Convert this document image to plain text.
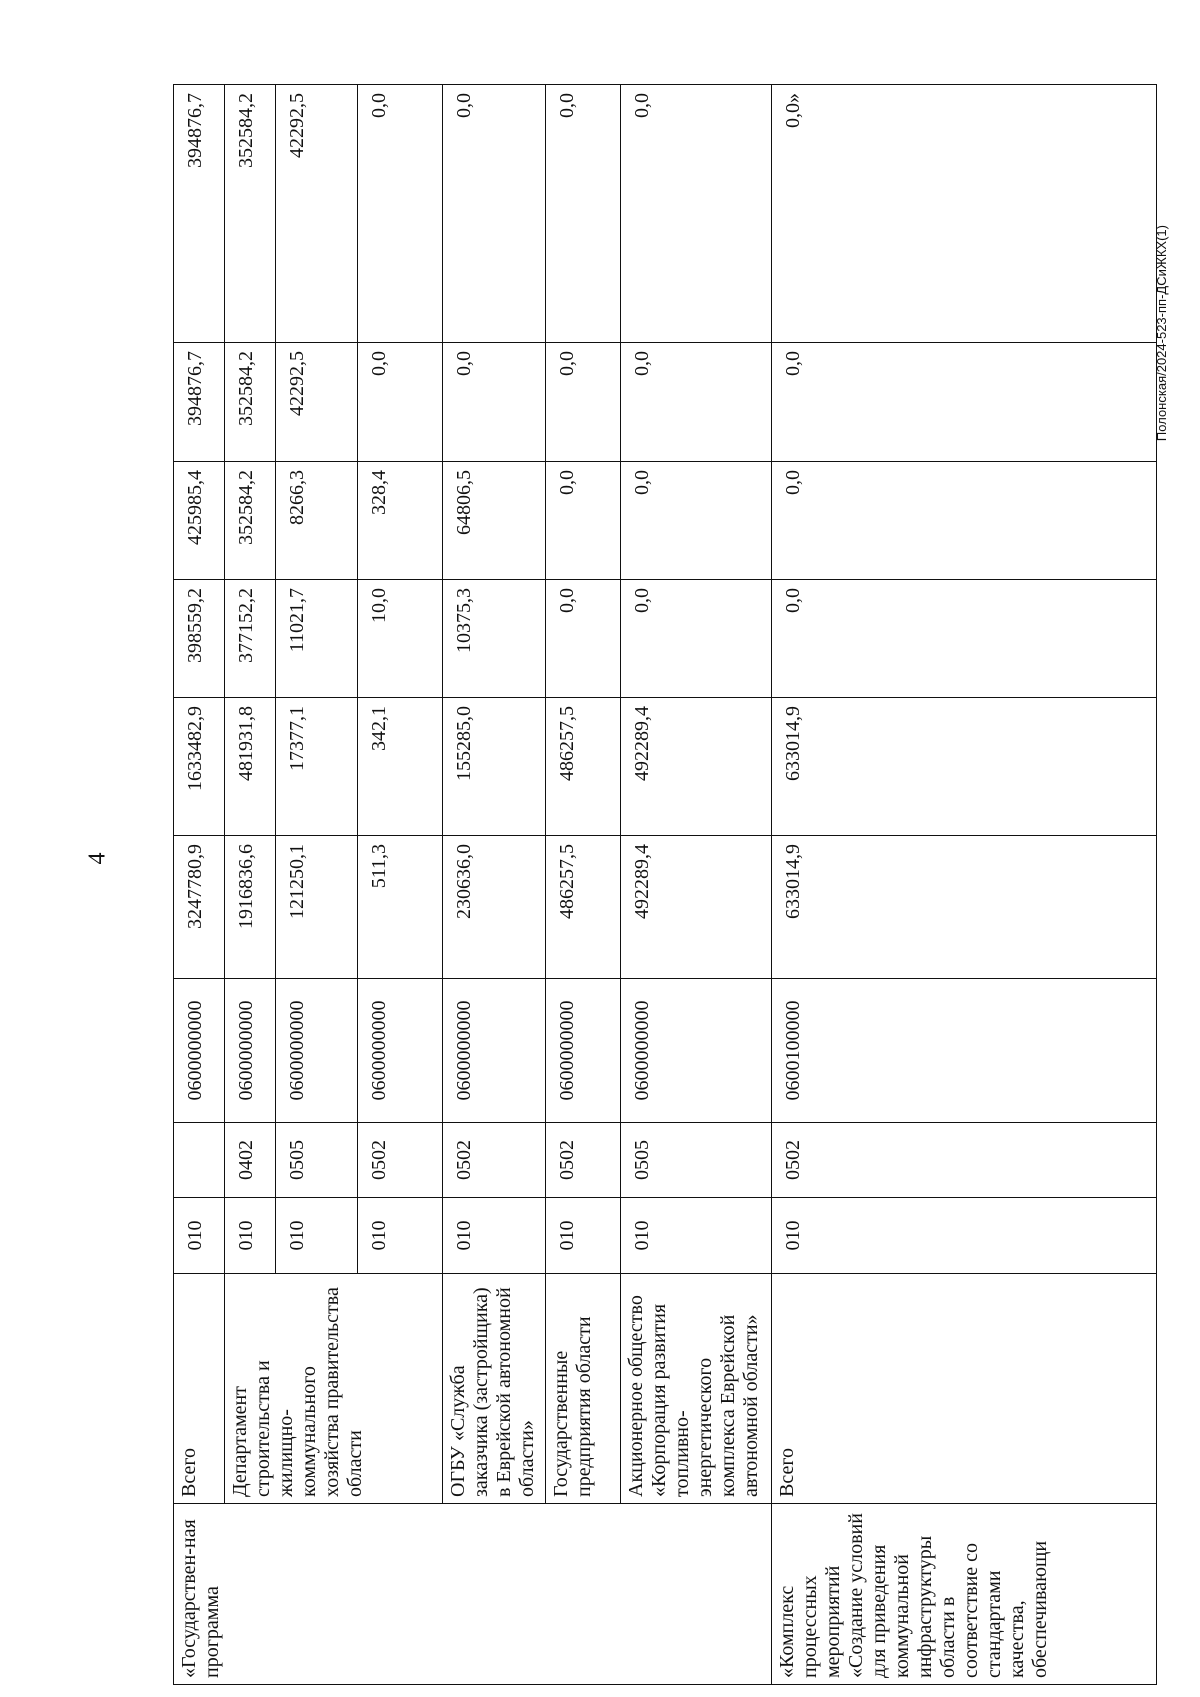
4
Полонская/2024-523-пп-ДСиЖКХ(1)
«Государствен-ная программа	Всего	010		0600000000	3247780,9	1633482,9	398559,2	425985,4	394876,7	394876,7
	Департамент строительства и жилищно-коммунального хозяйства правительства области	010	0402	0600000000	1916836,6	481931,8	377152,2	352584,2	352584,2	352584,2
		010	0505	0600000000	121250,1	17377,1	11021,7	8266,3	42292,5	42292,5
		010	0502	0600000000	511,3	342,1	10,0	328,4	0,0	0,0
	ОГБУ «Служба заказчика (застройщика) в Еврейской автономной области»	010	0502	0600000000	230636,0	155285,0	10375,3	64806,5	0,0	0,0
	Государственные предприятия области	010	0502	0600000000	486257,5	486257,5	0,0	0,0	0,0	0,0
	Акционерное общество «Корпорация развития топливно-энергетического комплекса Еврейской автономной области»	010	0505	0600000000	492289,4	492289,4	0,0	0,0	0,0	0,0
«Комплекс процессных мероприятий «Создание условий для приведения коммунальной инфраструктуры области в соответствие со стандартами качества, обеспечивающи	Всего	010	0502	0600100000	633014,9	633014,9	0,0	0,0	0,0	0,0»
